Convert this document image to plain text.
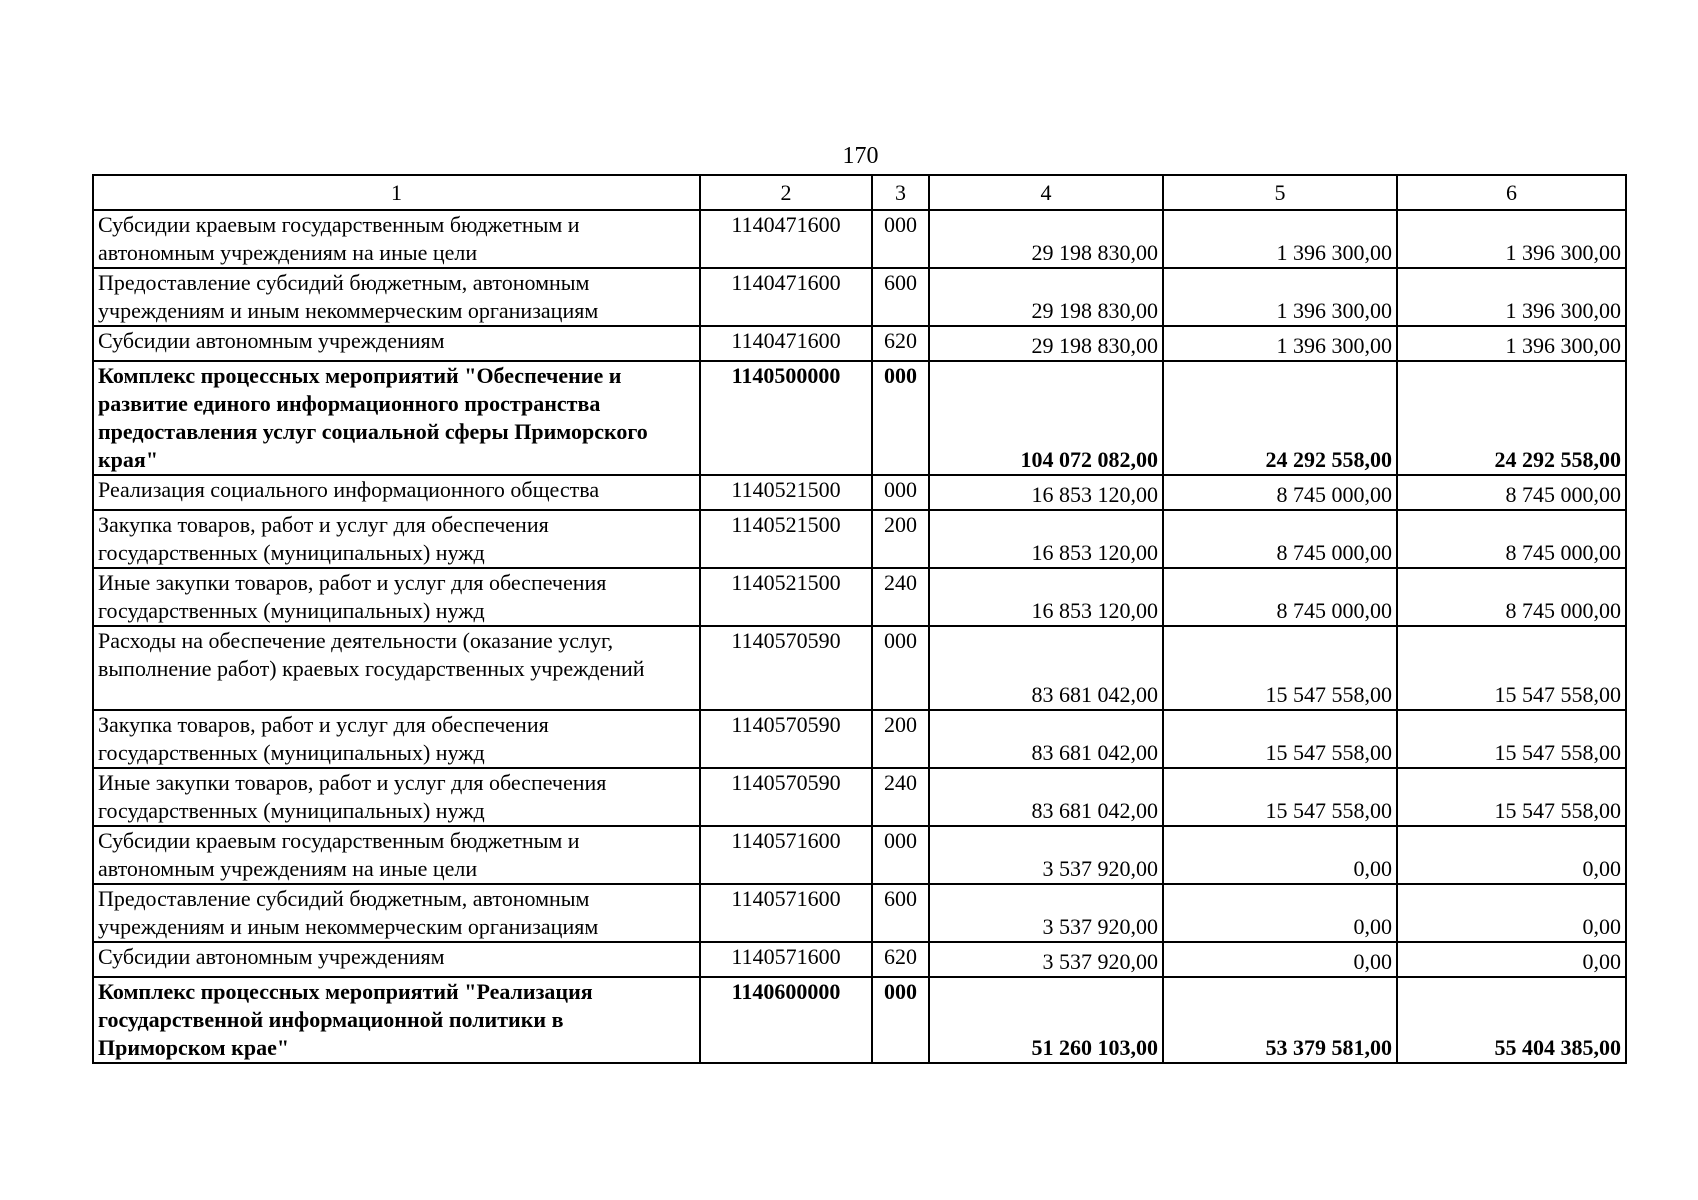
170
1	2	3	4	5	6
Субсидии краевым государственным бюджетным и автономным учреждениям на иные цели	1140471600	000	29 198 830,00	1 396 300,00	1 396 300,00
Предоставление субсидий бюджетным, автономным учреждениям и иным некоммерческим организациям	1140471600	600	29 198 830,00	1 396 300,00	1 396 300,00
Субсидии автономным учреждениям	1140471600	620	29 198 830,00	1 396 300,00	1 396 300,00
Комплекс процессных мероприятий "Обеспечение и развитие единого информационного пространства предоставления услуг социальной сферы Приморского края"	1140500000	000	104 072 082,00	24 292 558,00	24 292 558,00
Реализация социального информационного общества	1140521500	000	16 853 120,00	8 745 000,00	8 745 000,00
Закупка товаров, работ и услуг для обеспечения государственных (муниципальных) нужд	1140521500	200	16 853 120,00	8 745 000,00	8 745 000,00
Иные закупки товаров, работ и услуг для обеспечения государственных (муниципальных) нужд	1140521500	240	16 853 120,00	8 745 000,00	8 745 000,00
Расходы на обеспечение деятельности (оказание услуг, выполнение работ) краевых государственных учреждений	1140570590	000	83 681 042,00	15 547 558,00	15 547 558,00
Закупка товаров, работ и услуг для обеспечения государственных (муниципальных) нужд	1140570590	200	83 681 042,00	15 547 558,00	15 547 558,00
Иные закупки товаров, работ и услуг для обеспечения государственных (муниципальных) нужд	1140570590	240	83 681 042,00	15 547 558,00	15 547 558,00
Субсидии краевым государственным бюджетным и автономным учреждениям на иные цели	1140571600	000	3 537 920,00	0,00	0,00
Предоставление субсидий бюджетным, автономным учреждениям и иным некоммерческим организациям	1140571600	600	3 537 920,00	0,00	0,00
Субсидии автономным учреждениям	1140571600	620	3 537 920,00	0,00	0,00
Комплекс процессных мероприятий "Реализация государственной информационной политики в Приморском крае"	1140600000	000	51 260 103,00	53 379 581,00	55 404 385,00
